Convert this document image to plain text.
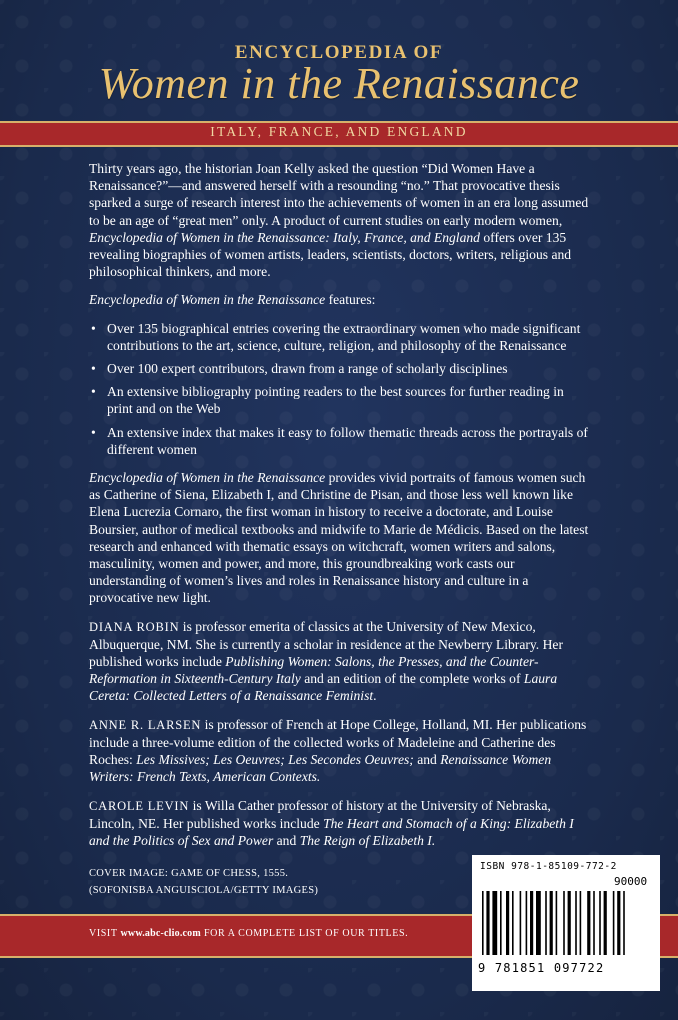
ENCYCLOPEDIA OF
Women in the Renaissance
ITALY, FRANCE, AND ENGLAND

Thirty years ago, the historian Joan Kelly asked the question “Did Women Have a Renaissance?”—and answered herself with a resounding “no.” That provocative thesis sparked a surge of research interest into the achievements of women in an era long assumed to be an age of “great men” only. A product of current studies on early modern women, Encyclopedia of Women in the Renaissance: Italy, France, and England offers over 135 revealing biographies of women artists, leaders, scientists, doctors, writers, religious and philosophical thinkers, and more.

Encyclopedia of Women in the Renaissance features:

• Over 135 biographical entries covering the extraordinary women who made significant contributions to the art, science, culture, religion, and philosophy of the Renaissance
• Over 100 expert contributors, drawn from a range of scholarly disciplines
• An extensive bibliography pointing readers to the best sources for further reading in print and on the Web
• An extensive index that makes it easy to follow thematic threads across the portrayals of different women

Encyclopedia of Women in the Renaissance provides vivid portraits of famous women such as Catherine of Siena, Elizabeth I, and Christine de Pisan, and those less well known like Elena Lucrezia Cornaro, the first woman in history to receive a doctorate, and Louise Boursier, author of medical textbooks and midwife to Marie de Médicis. Based on the latest research and enhanced with thematic essays on witchcraft, women writers and salons, masculinity, women and power, and more, this groundbreaking work casts our understanding of women’s lives and roles in Renaissance history and culture in a provocative new light.

DIANA ROBIN is professor emerita of classics at the University of New Mexico, Albuquerque, NM. She is currently a scholar in residence at the Newberry Library. Her published works include Publishing Women: Salons, the Presses, and the Counter-Reformation in Sixteenth-Century Italy and an edition of the complete works of Laura Cereta: Collected Letters of a Renaissance Feminist.

ANNE R. LARSEN is professor of French at Hope College, Holland, MI. Her publications include a three-volume edition of the collected works of Madeleine and Catherine des Roches: Les Missives; Les Oeuvres; Les Secondes Oeuvres; and Renaissance Women Writers: French Texts, American Contexts.

CAROLE LEVIN is Willa Cather professor of history at the University of Nebraska, Lincoln, NE. Her published works include The Heart and Stomach of a King: Elizabeth I and the Politics of Sex and Power and The Reign of Elizabeth I.

COVER IMAGE: GAME OF CHESS, 1555.
(SOFONISBA ANGUISCIOLA/GETTY IMAGES)
VISIT www.abc-clio.com FOR A COMPLETE LIST OF OUR TITLES.
ISBN 978-1-85109-772-2
90000
9 781851 097722
